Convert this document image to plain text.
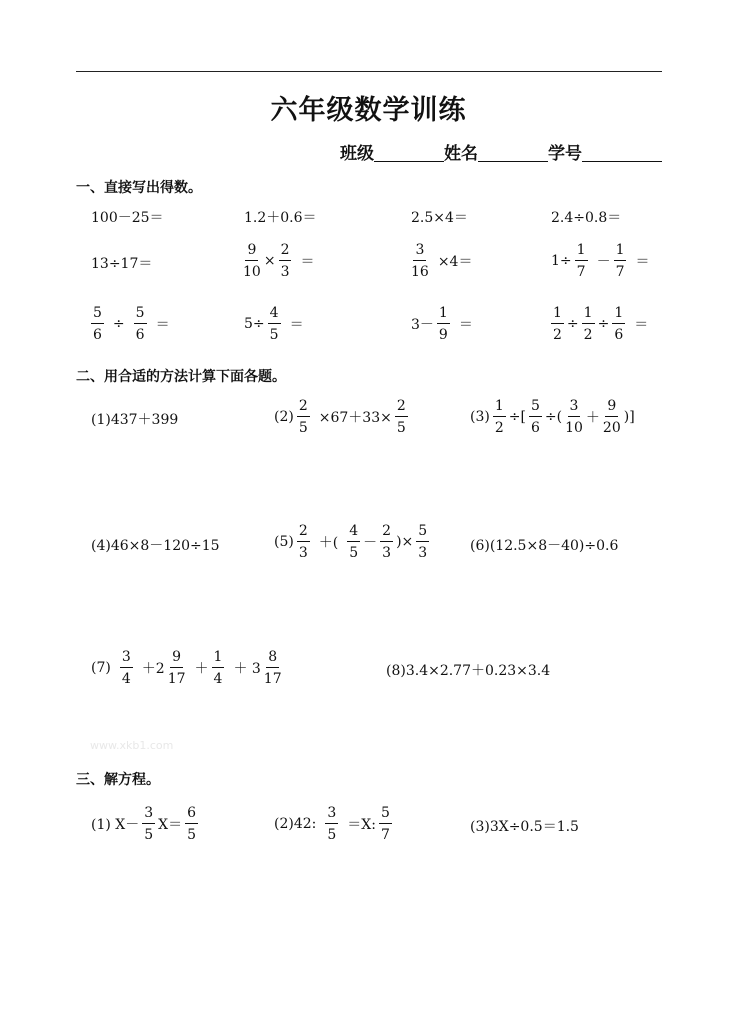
六年级数学训练
班级	姓名	学号
一、直接写出得数。
100－25＝	1.2＋0.6＝	2.5×4＝	2.4÷0.8＝
13÷17＝	$\frac{9}{10} \times \frac{2}{3}$ ＝	$\frac{3}{16} \times 4=$	$1\div \frac{1}{7} - \frac{1}{7}$ ＝
$\frac{5}{6} \div \frac{5}{6}$ ＝	$5\div \frac{4}{5}$ ＝	$3- \frac{1}{9}$ ＝	$\frac{1}{2} \div \frac{1}{2} \div \frac{1}{6}$ ＝
二、用合适的方法计算下面各题。
(1)437＋399	$(2) \frac{2}{5} \times 67+33\times \frac{2}{5}$	$(3) \frac{1}{2}$ ÷[ $\frac{5}{6}$ ÷( $\frac{3}{10} + \frac{9}{20}$ )]
(4)46×8－120÷15	$(5) \frac{2}{3}$ ＋( $\frac{4}{5} - \frac{2}{3}$ )× $\frac{5}{3}$	(6)(12.5×8－40)÷0.6
$(7) \frac{3}{4} +2 \frac{9}{17} + \frac{1}{4} + 3 \frac{8}{17}$	(8)3.4×2.77＋0.23×3.4
www.xkb1.com
三、解方程。
(1) $X- \frac{3}{5} X= \frac{6}{5}$	(2)42: $\frac{3}{5} =X$: $\frac{5}{7}$	(3)3X÷0.5＝1.5
